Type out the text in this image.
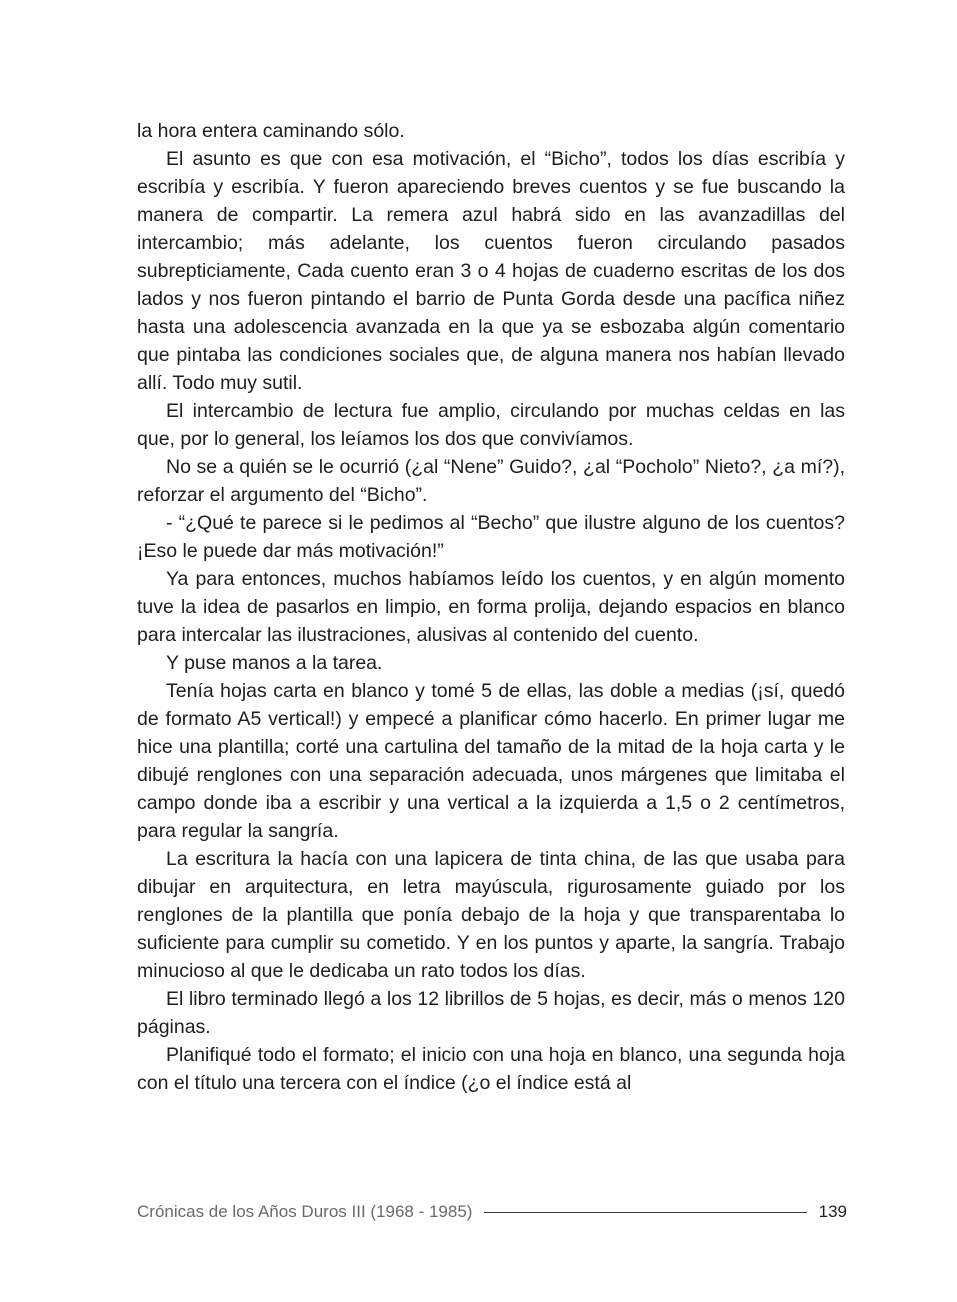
la hora entera caminando sólo.

El asunto es que con esa motivación, el “Bicho”, todos los días escribía y escribía y escribía. Y fueron apareciendo breves cuentos y se fue buscando la manera de compartir. La remera azul habrá sido en las avanzadillas del intercambio; más adelante, los cuentos fueron circulando pasados subrepticiamente, Cada cuento eran 3 o 4 hojas de cuaderno escritas de los dos lados y nos fueron pintando el barrio de Punta Gorda desde una pacífica niñez hasta una adolescencia avanzada en la que ya se esbozaba algún comentario que pintaba las condiciones sociales que, de alguna manera nos habían llevado allí. Todo muy sutil.

El intercambio de lectura fue amplio, circulando por muchas celdas en las que, por lo general, los leíamos los dos que convivíamos.

No se a quién se le ocurrió (¿al “Nene” Guido?, ¿al “Pocholo” Nieto?, ¿a mí?), reforzar el argumento del “Bicho”.

- “¿Qué te parece si le pedimos al “Becho” que ilustre alguno de los cuentos? ¡Eso le puede dar más motivación!”

Ya para entonces, muchos habíamos leído los cuentos, y en algún momento tuve la idea de pasarlos en limpio, en forma prolija, dejando espacios en blanco para intercalar las ilustraciones, alusivas al contenido del cuento.

Y puse manos a la tarea.

Tenía hojas carta en blanco y tomé 5 de ellas, las doble a medias (¡sí, quedó de formato A5 vertical!) y empecé a planificar cómo hacerlo. En primer lugar me hice una plantilla; corté una cartulina del tamaño de la mitad de la hoja carta y le dibujé renglones con una separación adecuada, unos márgenes que limitaba el campo donde iba a escribir y una vertical a la izquierda a 1,5 o 2 centímetros, para regular la sangría.

La escritura la hacía con una lapicera de tinta china, de las que usaba para dibujar en arquitectura, en letra mayúscula, rigurosamente guiado por los renglones de la plantilla que ponía debajo de la hoja y que transparentaba lo suficiente para cumplir su cometido. Y en los puntos y aparte, la sangría. Trabajo minucioso al que le dedicaba un rato todos los días.

El libro terminado llegó a los 12 librillos de 5 hojas, es decir, más o menos 120 páginas.

Planifiqué todo el formato; el inicio con una hoja en blanco, una segunda hoja con el título una tercera con el índice (¿o el índice está al

Crónicas de los Años Duros III (1968 - 1985)	139
